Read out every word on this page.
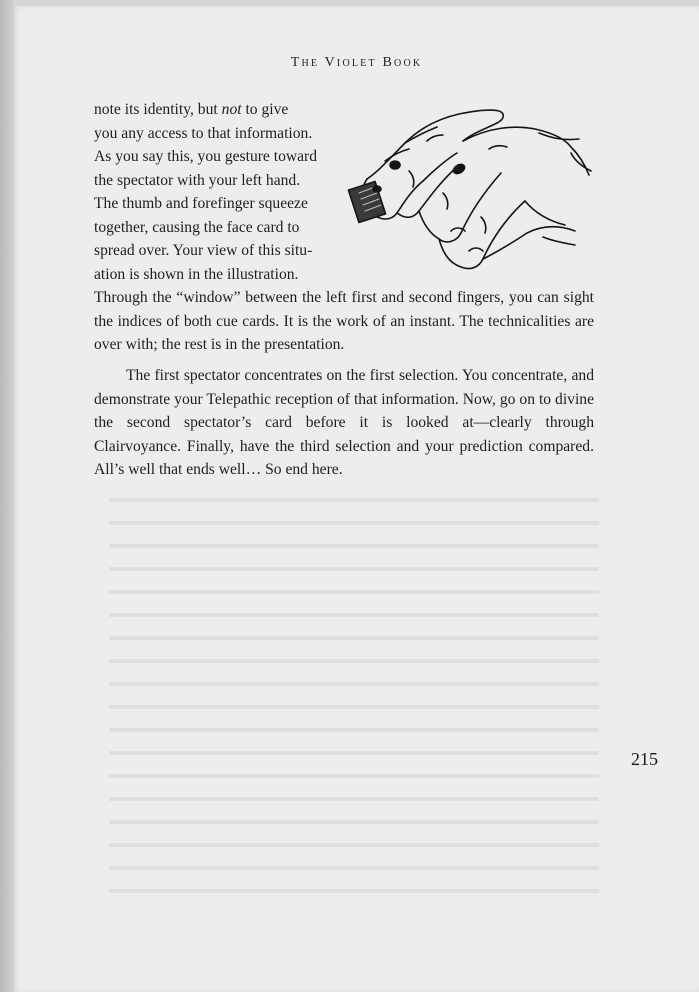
The Violet Book

note its identity, but not to give

you any access to that information.

As you say this, you gesture toward

the spectator with your left hand.

The thumb and forefinger squeeze

together, causing the face card to

spread over. Your view of this situ-

ation is shown in the illustration.

Through the “window” between the left first and second fingers, you can sight the indices of both cue cards. It is the work of an instant. The technicalities are over with; the rest is in the presentation.

The first spectator concentrates on the first selection. You concentrate, and demonstrate your Telepathic reception of that information. Now, go on to divine the second spectator’s card before it is looked at—clearly through Clairvoyance. Finally, have the third selection and your prediction compared. All’s well that ends well… So end here.

215
